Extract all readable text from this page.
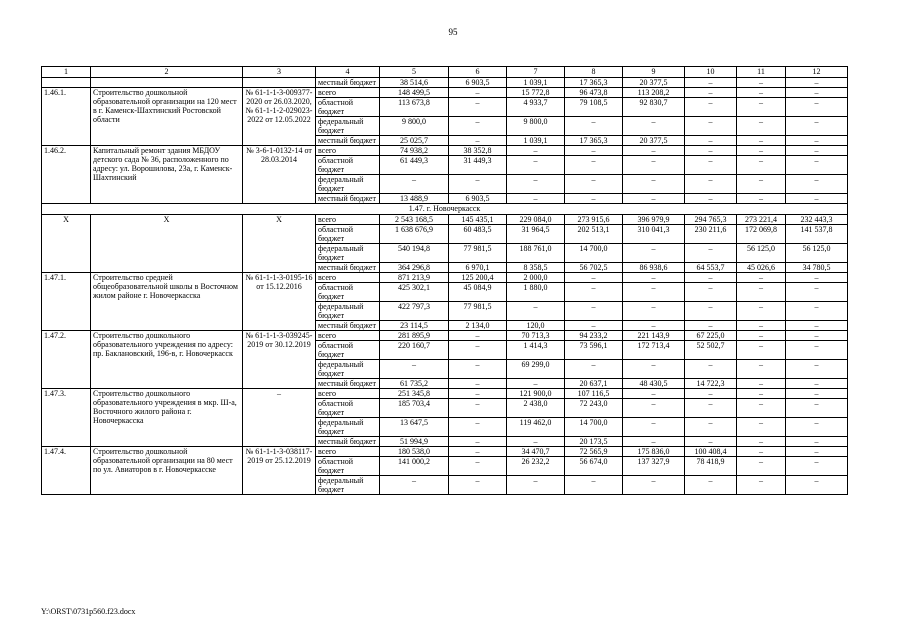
95
1	2	3	4	5	6	7	8	9	10	11	12
			местный бюджет	38 514,6	6 903,5	1 039,1	17 365,3	20 377,5	–	–	–
1.46.1.	Строительство дошкольной образовательной организации на 120 мест в г. Каменск-Шахтинский Ростовской области	№ 61-1-1-3-009377-2020 от 26.03.2020, № 61-1-1-2-029023-2022 от 12.05.2022	всего	148 499,5	–	15 772,8	96 473,8	113 208,2	–	–	–
			областной бюджет	113 673,8	–	4 933,7	79 108,5	92 830,7	–	–	–
			федеральный бюджет	9 800,0	–	9 800,0	–	–	–	–	–
			местный бюджет	25 025,7	–	1 039,1	17 365,3	20 377,5	–	–	–
1.46.2.	Капитальный ремонт здания МБДОУ детского сада № 36, расположенного по адресу: ул. Ворошилова, 23а, г. Каменск-Шахтинский	№ 3-6-1-0132-14 от 28.03.2014	всего	74 938,2	38 352,8	–	–	–	–	–	–
			областной бюджет	61 449,3	31 449,3	–	–	–	–	–	–
			федеральный бюджет	–	–	–	–	–	–	–	–
			местный бюджет	13 488,9	6 903,5	–	–	–	–	–	–
1.47. г. Новочеркасск											
Х	Х	Х	всего	2 543 168,5	145 435,1	229 084,0	273 915,6	396 979,9	294 765,3	273 221,4	232 443,3
			областной бюджет	1 638 676,9	60 483,5	31 964,5	202 513,1	310 041,3	230 211,6	172 069,8	141 537,8
			федеральный бюджет	540 194,8	77 981,5	188 761,0	14 700,0	–	–	56 125,0	56 125,0
			местный бюджет	364 296,8	6 970,1	8 358,5	56 702,5	86 938,6	64 553,7	45 026,6	34 780,5
1.47.1.	Строительство средней общеобразовательной школы в Восточном жилом районе г. Новочеркасска	№ 61-1-1-3-0195-16 от 15.12.2016	всего	871 213,9	125 200,4	2 000,0	–	–	–	–	–
			областной бюджет	425 302,1	45 084,9	1 880,0	–	–	–	–	–
			федеральный бюджет	422 797,3	77 981,5	–	–	–	–	–	–
			местный бюджет	23 114,5	2 134,0	120,0	–	–	–	–	–
1.47.2.	Строительство дошкольного образовательного учреждения по адресу: пр. Баклановский, 196-в, г. Новочеркасск	№ 61-1-1-3-039245-2019 от 30.12.2019	всего	281 895,9	–	70 713,3	94 233,2	221 143,9	67 225,0	–	–
			областной бюджет	220 160,7	–	1 414,3	73 596,1	172 713,4	52 502,7	–	–
			федеральный бюджет	–	–	69 299,0	–	–	–	–	–
			местный бюджет	61 735,2	–	–	20 637,1	48 430,5	14 722,3	–	–
1.47.3.	Строительство дошкольного образовательного учреждения в мкр. Ш-а, Восточного жилого района г. Новочеркасска	–	всего	251 345,8	–	121 900,0	107 116,5	–	–	–	–
			областной бюджет	185 703,4	–	2 438,0	72 243,0	–	–	–	–
			федеральный бюджет	13 647,5	–	119 462,0	14 700,0	–	–	–	–
			местный бюджет	51 994,9	–	–	20 173,5	–	–	–	–
1.47.4.	Строительство дошкольной образовательной организации на 80 мест по ул. Авиаторов в г. Новочеркасске	№ 61-1-1-3-038117-2019 от 25.12.2019	всего	180 538,0	–	34 470,7	72 565,9	175 836,0	100 408,4	–	–
			областной бюджет	141 000,2	–	26 232,2	56 674,0	137 327,9	78 418,9	–	–
			федеральный бюджет	–	–	–	–	–	–	–	–
Y:\ORST\0731p560.f23.docx
